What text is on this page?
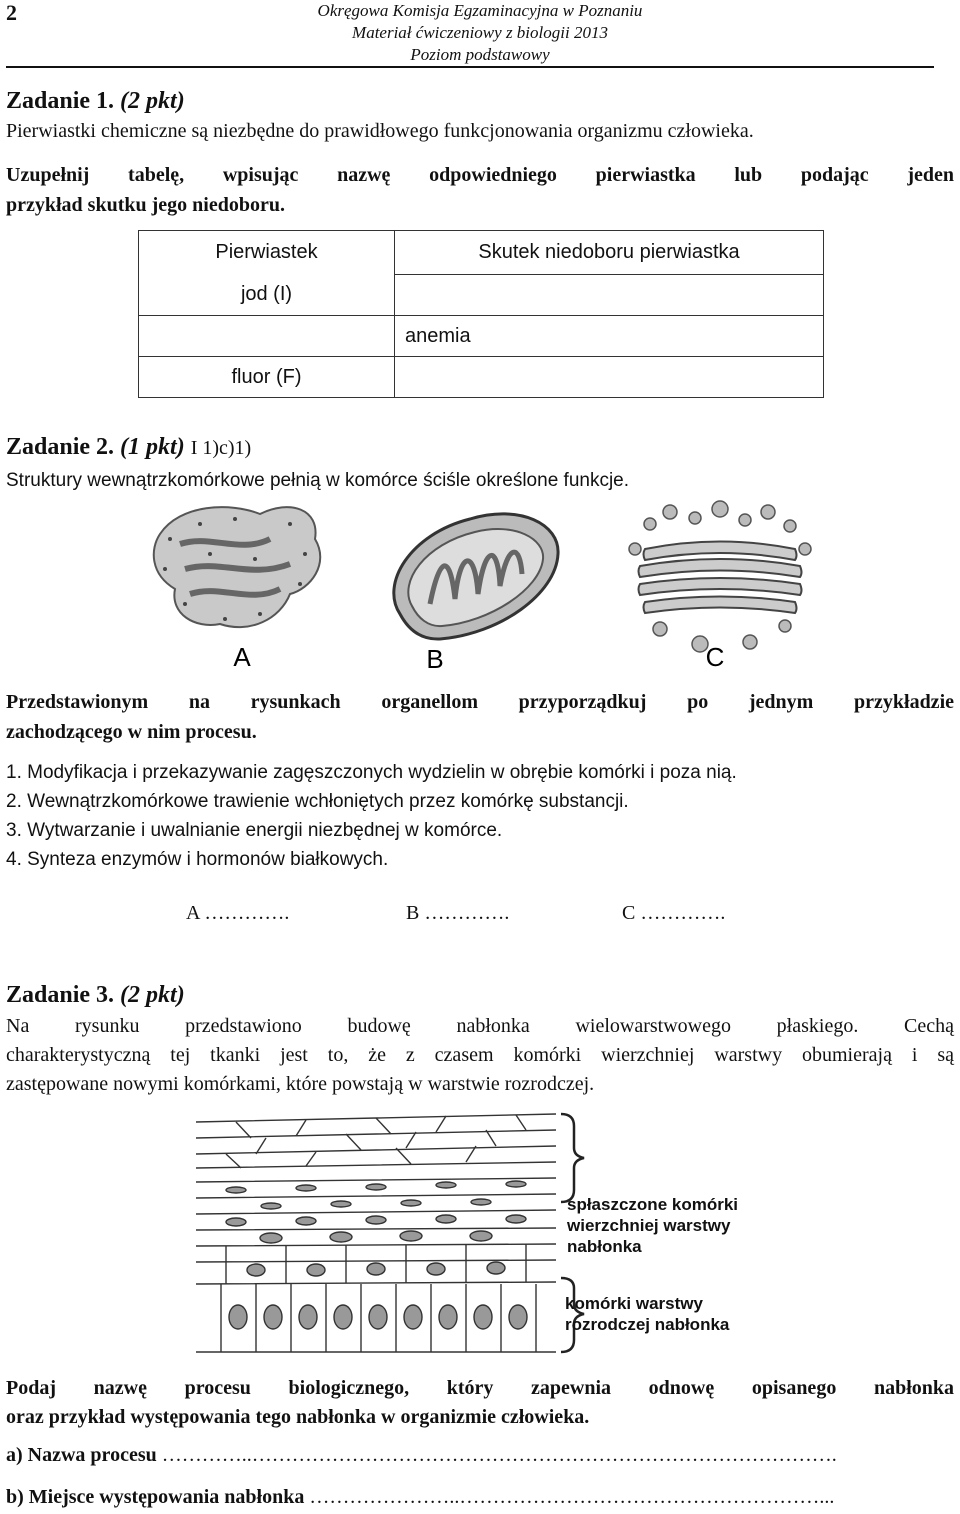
2	Okręgowa Komisja Egzaminacyjna w Poznaniu
Materiał ćwiczeniowy z biologii 2013
Poziom podstawowy
Zadanie 1. (2 pkt)
Pierwiastki chemiczne są niezbędne do prawidłowego funkcjonowania organizmu człowieka.
Uzupełnij tabelę, wpisując nazwę odpowiedniego pierwiastka lub podając jeden
przykład skutku jego niedoboru.
Pierwiastek	Skutek niedoboru pierwiastka
jod (I)	
	anemia
fluor (F)	
Zadanie 2. (1 pkt) I 1)c)1)
Struktury wewnątrzkomórkowe pełnią w komórce ściśle określone funkcje.
A	B	C
Przedstawionym na rysunkach organellom przyporządkuj po jednym przykładzie
zachodzącego w nim procesu.
1. Modyfikacja i przekazywanie zagęszczonych wydzielin w obrębie komórki i poza nią.
2. Wewnątrzkomórkowe trawienie wchłoniętych przez komórkę substancji.
3. Wytwarzanie i uwalnianie energii niezbędnej w komórce.
4. Synteza enzymów i hormonów białkowych.
A ………….	B ………….	C ………….
Zadanie 3. (2 pkt)
Na rysunku przedstawiono budowę nabłonka wielowarstwowego płaskiego. Cechą
charakterystyczną tej tkanki jest to, że z czasem komórki wierzchniej warstwy obumierają i są
zastępowane nowymi komórkami, które powstają w warstwie rozrodczej.
spłaszczone komórki
wierzchniej warstwy
nabłonka
komórki warstwy
rozrodczej nabłonka
Podaj nazwę procesu biologicznego, który zapewnia odnowę opisanego nabłonka
oraz przykład występowania tego nabłonka w organizmie człowieka.
a) Nazwa procesu …………..…………………………………………………………………………….
b) Miejsce występowania nabłonka …………………..………………………………………………...
